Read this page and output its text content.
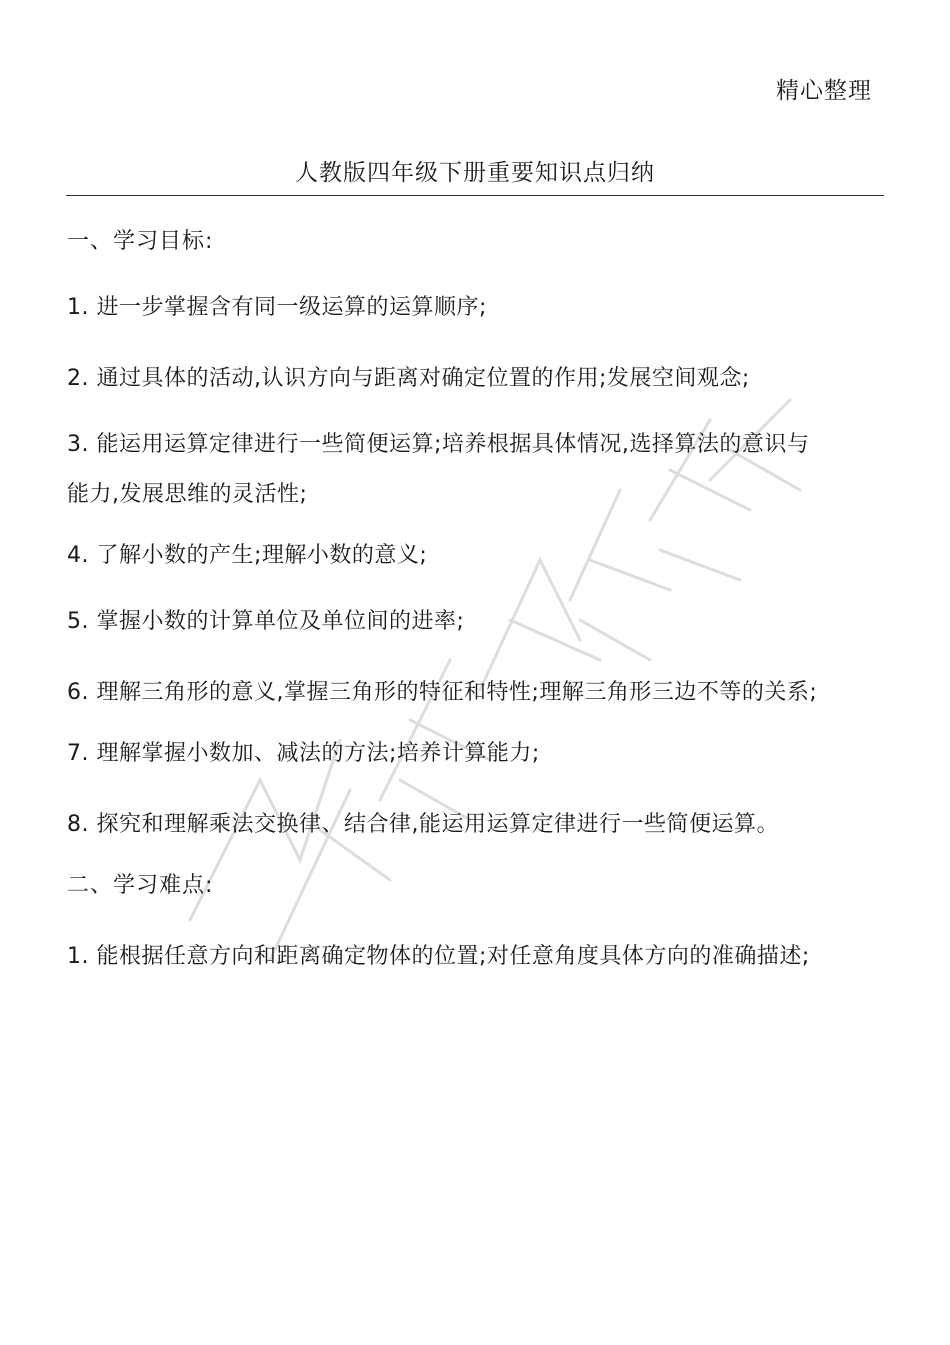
精心整理
人教版四年级下册重要知识点归纳
一、学习目标:
1. 进一步掌握含有同一级运算的运算顺序;
2. 通过具体的活动,认识方向与距离对确定位置的作用;发展空间观念;
3. 能运用运算定律进行一些简便运算;培养根据具体情况,选择算法的意识与能力,发展思维的灵活性;
4. 了解小数的产生;理解小数的意义;
5. 掌握小数的计算单位及单位间的进率;
6. 理解三角形的意义,掌握三角形的特征和特性;理解三角形三边不等的关系;
7. 理解掌握小数加、减法的方法;培养计算能力;
8. 探究和理解乘法交换律、结合律,能运用运算定律进行一些简便运算。
二、学习难点:
1. 能根据任意方向和距离确定物体的位置;对任意角度具体方向的准确描述;
